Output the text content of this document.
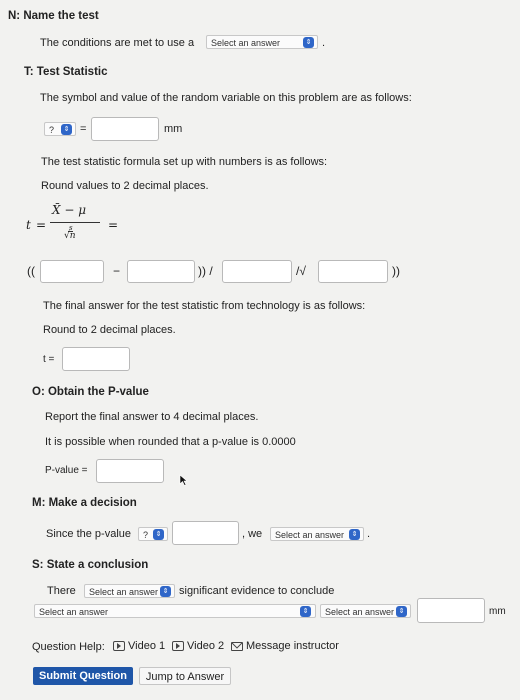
N: Name the test
The conditions are met to use a	Select an answer	⇕ .
T: Test Statistic
The symbol and value of the random variable on this problem are as follows:
?	⇕ =	mm
The test statistic formula set up with numbers is as follows:
Round values to 2 decimal places.
t =
X̄ − μ
s
√n
=
((	−	)) /	/√	))
The final answer for the test statistic from technology is as follows:
Round to 2 decimal places.
t =
O: Obtain the P-value
Report the final answer to 4 decimal places.
It is possible when rounded that a p-value is 0.0000
P-value =
M: Make a decision
Since the p-value	?	⇕	, we	Select an answer	⇕ .
S: State a conclusion
There	Select an answer ⇕ significant evidence to conclude
Select an answer	⇕	Select an answer ⇕	mm
Question Help:	Video 1	Video 2	Message instructor
Submit Question	Jump to Answer
